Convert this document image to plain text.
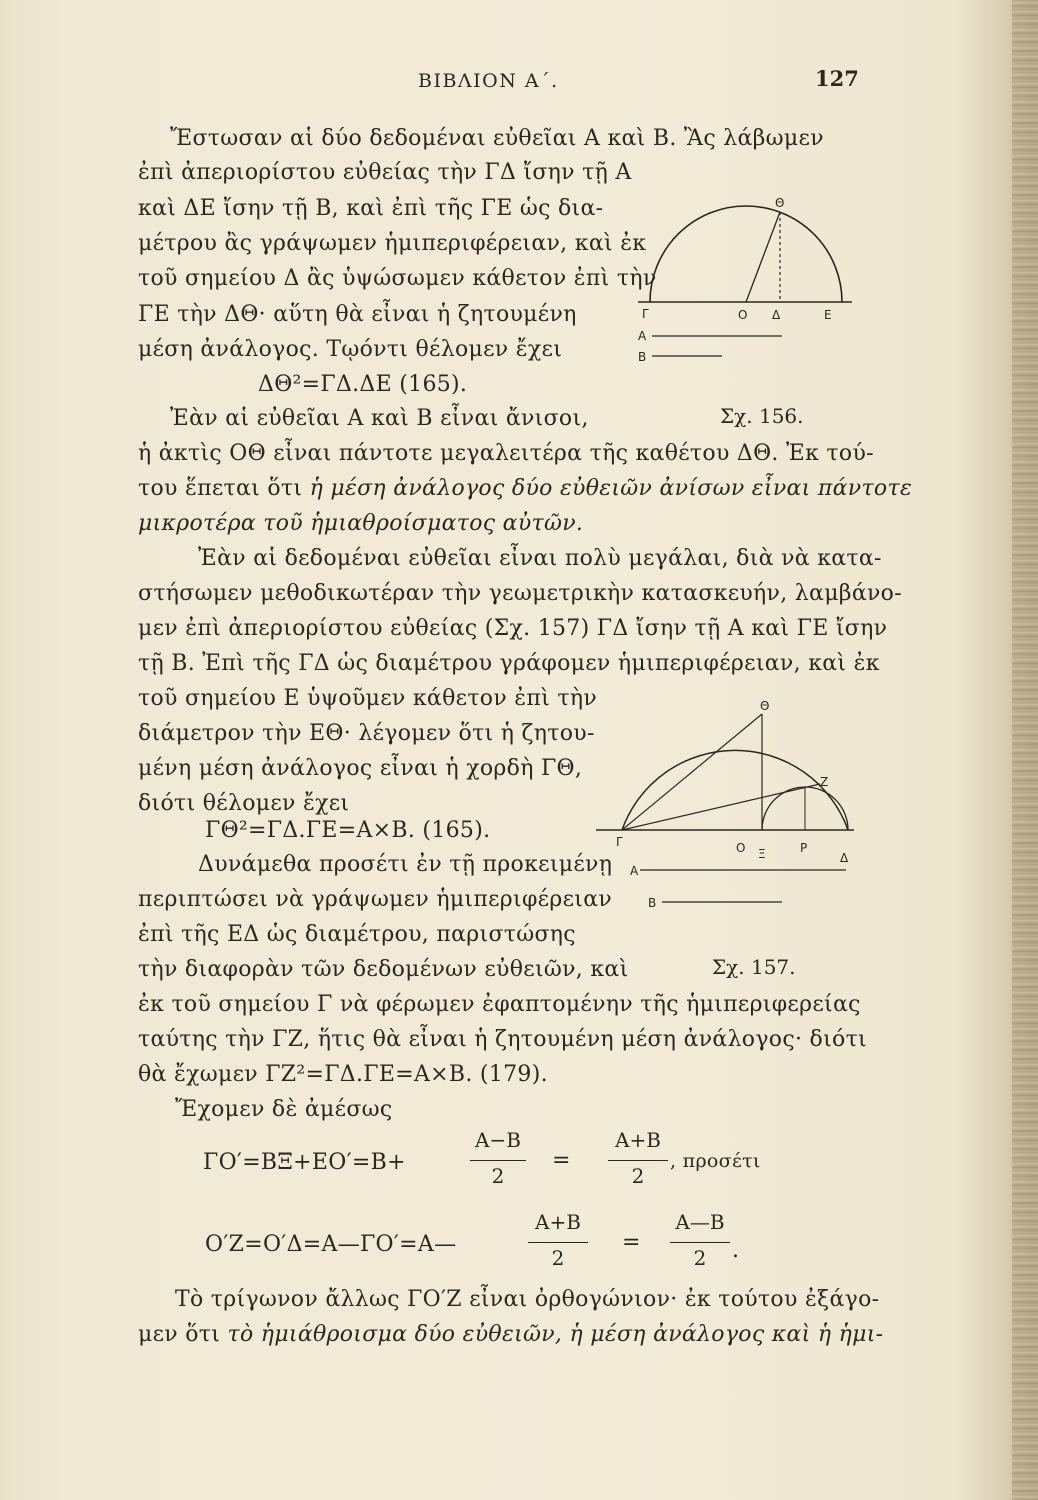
ΒΙΒΛΙΟΝ Α΄.	127
Ἔστωσαν αἱ δύο δεδομέναι εὐθεῖαι Α καὶ Β. Ἂς λάβωμεν
ἐπὶ ἀπεριορίστου εὐθείας τὴν ΓΔ ἴσην τῇ Α
καὶ ΔΕ ἴσην τῇ Β, καὶ ἐπὶ τῆς ΓΕ ὡς δια-
μέτρου ἂς γράψωμεν ἡμιπεριφέρειαν, καὶ ἐκ
τοῦ σημείου Δ ἂς ὑψώσωμεν κάθετον ἐπὶ τὴν
ΓΕ τὴν ΔΘ· αὕτη θὰ εἶναι ἡ ζητουμένη
μέση ἀνάλογος. Τῳόντι θέλομεν ἔχει
ΔΘ²=ΓΔ.ΔΕ (165).
Θ
Γ	Ο Δ	Ε
Α
Β
Ἐὰν αἱ εὐθεῖαι Α καὶ Β εἶναι ἄνισοι,	Σχ. 156.
ἡ ἀκτὶς ΟΘ εἶναι πάντοτε μεγαλειτέρα τῆς καθέτου ΔΘ. Ἐκ τού-
του ἕπεται ὅτι ἡ μέση ἀνάλογος δύο εὐθειῶν ἀνίσων εἶναι πάντοτε
μικροτέρα τοῦ ἡμιαθροίσματος αὐτῶν.
Ἐὰν αἱ δεδομέναι εὐθεῖαι εἶναι πολὺ μεγάλαι, διὰ νὰ κατα-
στήσωμεν μεθοδικωτέραν τὴν γεωμετρικὴν κατασκευήν, λαμβάνο-
μεν ἐπὶ ἀπεριορίστου εὐθείας (Σχ. 157) ΓΔ ἴσην τῇ Α καὶ ΓΕ ἴσην
τῇ Β. Ἐπὶ τῆς ΓΔ ὡς διαμέτρου γράφομεν ἡμιπεριφέρειαν, καὶ ἐκ
τοῦ σημείου Ε ὑψοῦμεν κάθετον ἐπὶ τὴν
διάμετρον τὴν ΕΘ· λέγομεν ὅτι ἡ ζητου-
μένη μέση ἀνάλογος εἶναι ἡ χορδὴ ΓΘ,
διότι θέλομεν ἔχει
ΓΘ²=ΓΔ.ΓΕ=Α×Β. (165).
Θ
Ζ
Γ	Ο Ξ	Ρ
Δ
Α
Β
Δυνάμεθα προσέτι ἐν τῇ προκειμένῃ
περιπτώσει νὰ γράψωμεν ἡμιπεριφέρειαν
ἐπὶ τῆς ΕΔ ὡς διαμέτρου, παριστώσης
τὴν διαφορὰν τῶν δεδομένων εὐθειῶν, καὶ	Σχ. 157.
ἐκ τοῦ σημείου Γ νὰ φέρωμεν ἐφαπτομένην τῆς ἡμιπεριφερείας
ταύτης τὴν ΓΖ, ἥτις θὰ εἶναι ἡ ζητουμένη μέση ἀνάλογος· διότι
θὰ ἔχωμεν ΓΖ²=ΓΔ.ΓΕ=Α×Β. (179).
Ἔχομεν δὲ ἀμέσως
ΓΟ′=ΒΞ+ΕΟ′=Β+
Α−Β
2
=
Α+Β
2
, προσέτι
Ο′Ζ=Ο′Δ=Α—ΓΟ′=Α—
Α+Β
2
=
Α—Β
2	.
Τὸ τρίγωνον ἄλλως ΓΟ′Ζ εἶναι ὀρθογώνιον· ἐκ τούτου ἐξάγο-
μεν ὅτι τὸ ἡμιάθροισμα δύο εὐθειῶν, ἡ μέση ἀνάλογος καὶ ἡ ἡμι-
